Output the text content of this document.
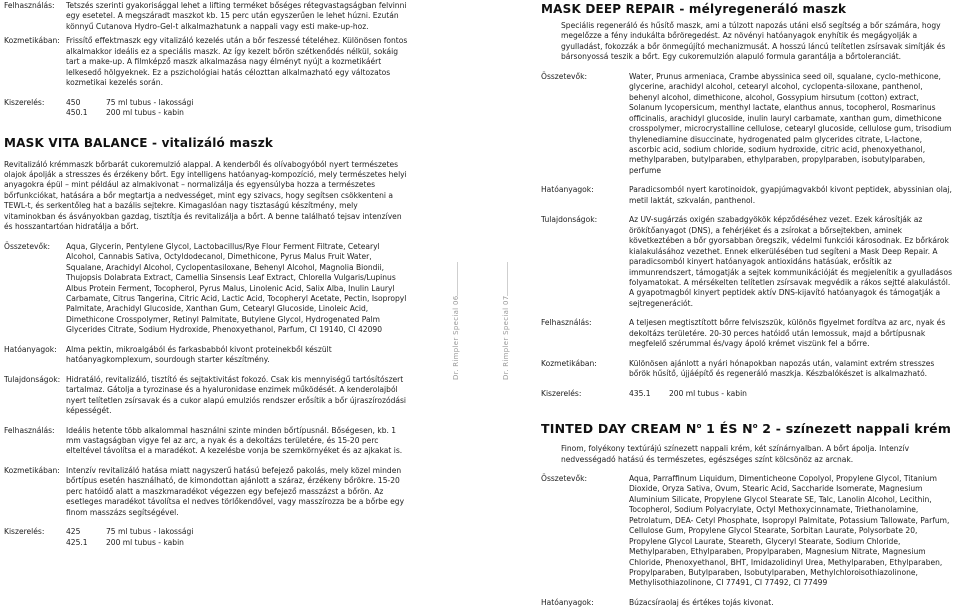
Felhasználás:	Tetszés szerinti gyakorisággal lehet a lifting terméket bőséges rétegvastagságban felvinni egy esetetel. A megszáradt maszkot kb. 15 perc után egyszerűen le lehet húzni. Ezután könnyű Cutanova Hydro-Gel-t alkalmazhatunk a nappali vagy esti make-up-hoz.
Kozmetikában: Frissítő effektmaszk egy vitalizáló kezelés után a bőr feszessé tételéhez. Különösen fontos alkalmakkor ideális ez a speciális maszk. Az így kezelt bőrön szétkenődés nélkül, sokáig tart a make-up. A filmképző maszk alkalmazása nagy élményt nyújt a kozmetikáért lelkesedő hölgyeknek. Ez a pszichológiai hatás célozttan alkalmazható egy változatos kozmetikai kezelés során.
Kiszerelés:	450	75 ml tubus - lakossági
450.1	200 ml tubus - kabin
MASK VITA BALANCE - vitalizáló maszk

Revitalizáló krémmaszk bőrbarát cukoremulzió alappal. A kenderből és olívabogyóból nyert természetes olajok ápolják a stresszes és érzékeny bőrt. Egy intelligens hatóanyag-kompozíció, mely természetes helyi anyagokra épül – mint például az almakivonat – normalizálja és egyensúlyba hozza a természetes bőrfunkciókat, hatására a bőr megtartja a nedvességet, mint egy szivacs, hogy segítsen csökkenteni a TEWL-t, és serkentőleg hat a bazális sejtekre. Kimagaslóan nagy tisztaságú készítmény, mely vitaminokban és ásványokban gazdag, tisztítja és revitalizálja a bőrt. A benne található tejsav intenzíven és hosszantartóan hidratálja a bőrt.

Összetevők:	Aqua, Glycerin, Pentylene Glycol, Lactobacillus/Rye Flour Ferment Filtrate, Cetearyl Alcohol, Cannabis Sativa, Octyldodecanol, Dimethicone, Pyrus Malus Fruit Water, Squalane, Arachidyl Alcohol, Cyclopentasiloxane, Behenyl Alcohol, Magnolia Biondii, Thujopsis Dolabrata Extract, Camellia Sinsensis Leaf Extract, Chlorella Vulgaris/Lupinus Albus Protein Ferment, Tocopherol, Pyrus Malus, Linolenic Acid, Salix Alba, Inulin Lauryl Carbamate, Citrus Tangerina, Citric Acid, Lactic Acid, Tocopheryl Acetate, Pectin, Isopropyl Palmitate, Arachidyl Glucoside, Xanthan Gum, Cetearyl Glucoside, Linoleic Acid, Dimethicone Crosspolymer, Retinyl Palmitate, Butylene Glycol, Hydrogenated Palm Glycerides Citrate, Sodium Hydroxide, Phenoxyethanol, Parfum, CI 19140, CI 42090
Hatóanyagok:	Alma pektin, mikroalgából és farkasbabból kivont proteinekből készült hatóanyagkomplexum, sourdough starter készítmény.
Tulajdonságok: Hidratáló, revitalizáló, tisztító és sejtaktivitást fokozó. Csak kis mennyiségű tartósítószert tartalmaz. Gátolja a tyrozinase és a hyaluronidase enzimek működését. A kenderolajból nyert telítetlen zsírsavak és a cukor alapú emulziós rendszer erősítik a bőr újraszírozódási képességét.
Felhasználás:	Ideális hetente több alkalommal használni szinte minden bőrtípusnál. Bőségesen, kb. 1 mm vastagságban vigye fel az arc, a nyak és a dekoltázs területére, és 15-20 perc elteltével távolítsa el a maradékot. A kezelésbe vonja be szemkörnyéket és az ajkakat is.
Kozmetikában: Intenzív revitalizáló hatása miatt nagyszerű hatású befejező pakolás, mely közel minden bőrtípus esetén használható, de kimondottan ajánlott a száraz, érzékeny bőrökre. 15-20 perc hatóidő alatt a maszkmaradékot végezzen egy befejező masszázst a bőrön. Az esetleges maradékot távolítsa el nedves törlőkendővel, vagy masszírozza be a bőrbe egy finom masszázs segítségével.
Kiszerelés:	425	75 ml tubus - lakossági
425.1	200 ml tubus - kabin
Dr. Rimpler Special 06	Dr. Rimpler Special 07
MASK DEEP REPAIR - mélyregeneráló maszk

Speciális regeneráló és hűsítő maszk, ami a túlzott napozás utáni első segítség a bőr számára, hogy megelőzze a fény indukálta bőröregedést. Az növényi hatóanyagok enyhítik és megágyolják a gyulladást, fokozzák a bőr önmegújító mechanizmusát. A hosszú láncú telítetlen zsírsavak simítják és bársonyossá teszik a bőrt. Egy cukoremulzión alapuló formula garantálja a bőrtoleranciát.

Összetevők:	Water, Prunus armeniaca, Crambe abyssinica seed oil, squalane, cyclo-methicone, glycerine, arachidyl alcohol, cetearyl alcohol, cyclopenta-siloxane, panthenol, behenyl alcohol, dimethicone, alcohol, Gossypium hirsutum (cotton) extract, Solanum lycopersicum, menthyl lactate, elanthus annus, tocopherol, Rosmarinus officinalis, arachidyl glucoside, inulin lauryl carbamate, xanthan gum, dimethicone crosspolymer, microcrystalline cellulose, cetearyl glucoside, cellulose gum, trisodium thylenediamine disuccinate, hydrogenated palm glycerides citrate, L-lactone, ascorbic acid, sodium chloride, sodium hydroxide, citric acid, phenoxyethanol, methylparaben, butylparaben, ethylparaben, propylparaben, isobutylparaben, perfume
Hatóanyagok:	Paradicsomból nyert karotinoidok, gyapjúmagvakból kivont peptidek, abyssinian olaj, metil laktát, szkvalán, panthenol.
Tulajdonságok:	Az UV-sugárzás oxigén szabadgyökök képződéséhez vezet. Ezek károsítják az örökítőanyagot (DNS), a fehérjéket és a zsírokat a bőrsejtekben, aminek következtében a bőr gyorsabban öregszik, védelmi funkciói károsodnak. Ez bőrkárok kialakulásához vezethet. Ennek elkerülésében tud segíteni a Mask Deep Repair. A paradicsomból kinyert hatóanyagok antioxidáns hatásúak, erősítik az immunrendszert, támogatják a sejtek kommunikációját és megjelenítik a gyulladásos folyamatokat. A mérsékelten telítetlen zsírsavak megvédik a rákos sejtté alakulástól. A gyapotmagból kinyert peptidek aktív DNS-kijavító hatóanyagok és támogatják a sejtregenerációt.
Felhasználás:	A teljesen megtisztított bőrre felviszszük, különös figyelmet fordítva az arc, nyak és dekoltázs területére. 20-30 perces hatóidő után lemossuk, majd a bőrtípusnak megfelelő szérummal és/vagy ápoló krémet viszünk fel a bőrre.
Kozmetikában:	Különösen ajánlott a nyári hónapokban napozás után, valamint extrém stresszes bőrök hűsítő, újjáépítő és regeneráló maszkja. Készbalókészet is alkalmazható.
Kiszerelés:	435.1	200 ml tubus - kabin
TINTED DAY CREAM $N^o$ 1 ÉS $N^o$ 2 - színezett nappali krém

Finom, folyékony textúrájú színezett nappali krém, két színárnyalban. A bőrt ápolja. Intenzív nedvességadó hatású és természetes, egészséges színt kölcsönöz az arcnak.

Összetevők:	Aqua, Parraffinum Liquidum, Dimenticheone Copolyol, Propylene Glycol, Titanium Dioxide, Oryza Sativa, Ovum, Stearic Acid, Saccharide Isomerate, Magnesium Aluminium Silicate, Propylene Glycol Stearate SE, Talc, Lanolin Alcohol, Lecithin, Tocopherol, Sodium Polyacrylate, Octyl Methoxycinnamate, Triethanolamine, Petrolatum, DEA- Cetyl Phosphate, Isopropyl Palmitate, Potassium Tallowate, Parfum, Cellulose Gum, Propylene Glycol Stearate, Sorbitan Laurate, Polysorbate 20, Propylene Glycol Laurate, Steareth, Glyceryl Stearate, Sodium Chloride, Methylparaben, Ethylparaben, Propylparaben, Magnesium Nitrate, Magnesium Chloride, Phenoxyethanol, BHT, Imidazolidinyl Urea, Methylparaben, Ethylparaben, Propylparaben, Butylparaben, Isobutylparaben, Methylchloroisothiazolinone, Methylisothiazolinone, CI 77491, CI 77492, CI 77499
Hatóanyagok:	Búzacsíraolaj és értékes tojás kivonat.
